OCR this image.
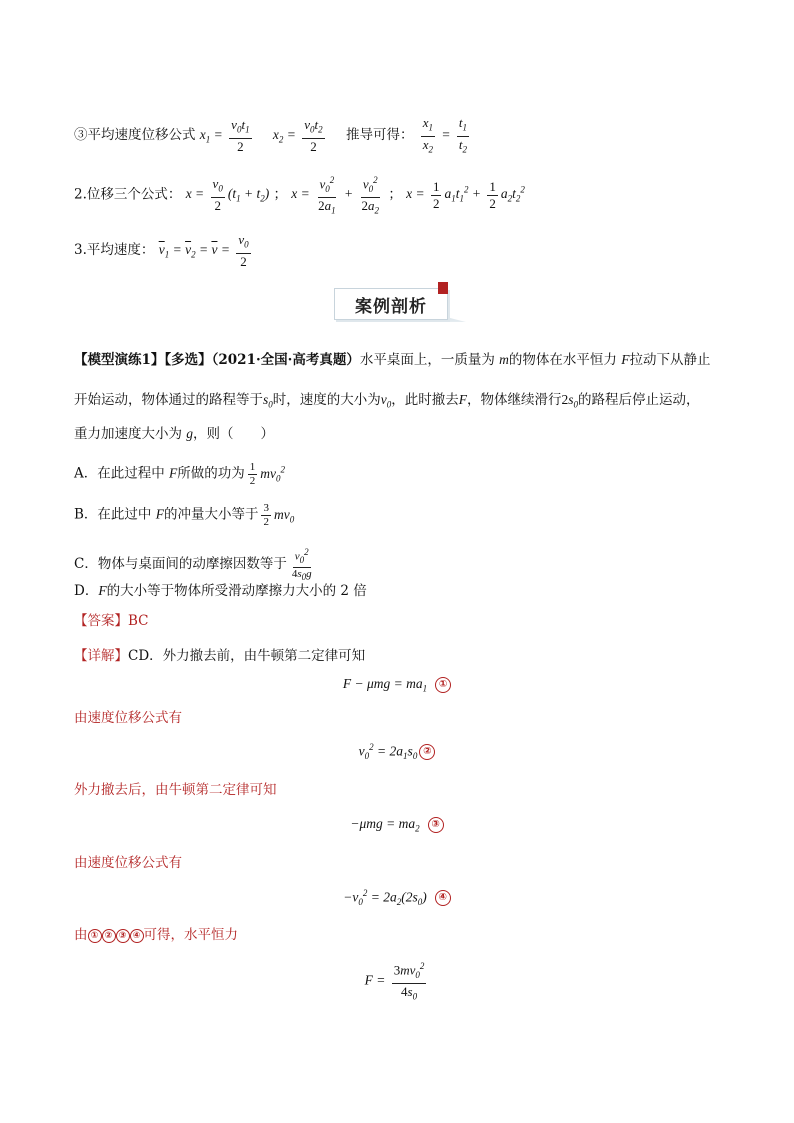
③平均速度位移公式 $x_1 = \frac{v_0t_1}{2} x_2 = \frac{v_0t_2}{2}$ 推导可得： $\frac{x_1}{x_2} = \frac{t_1}{t_2}$
2.位移三个公式： $x = \frac{v_0}{2} (t_1 + t_2)$ ； $x = \frac{v_0^2}{2a_1} + \frac{v_0^2}{2a_2}$ ； $x = \frac{1}{2} a_1t_1^2 + \frac{1}{2} a_2t_2^2$
3.平均速度： $\overline{v}_1 = \overline{v}_2 = \overline{v} = \frac{v_0}{2}$
案例剖析
【模型演练1】【多选】（2021·全国·高考真题）水平桌面上，一质量为 m的物体在水平恒力 F拉动下从静止
开始运动，物体通过的路程等于$s_0$时，速度的大小为$v_0$，此时撤去F，物体继续滑行$2s_0$的路程后停止运动，
重力加速度大小为 g，则（　　）
A．在此过程中 F所做的功为 $\frac{1}{2} mv_0^2$
B．在此过中 F的冲量大小等于 $\frac{3}{2} mv_0$
C．物体与桌面间的动摩擦因数等于 $\frac{v_0^2}{4s_0g}$
D．F的大小等于物体所受滑动摩擦力大小的 2 倍
【答案】BC
【详解】CD．外力撤去前，由牛顿第二定律可知
$F - \mu mg = ma_1$ ①
由速度位移公式有
$v_0^2 = 2a_1s_0$ ②
外力撤去后，由牛顿第二定律可知
$-\mu mg = ma_2$ ③
由速度位移公式有
$-v_0^2 = 2a_2(2s_0)$ ④
由 ① ② ③ ④ 可得，水平恒力
$F = \frac{3mv_0^2}{4s_0}$
